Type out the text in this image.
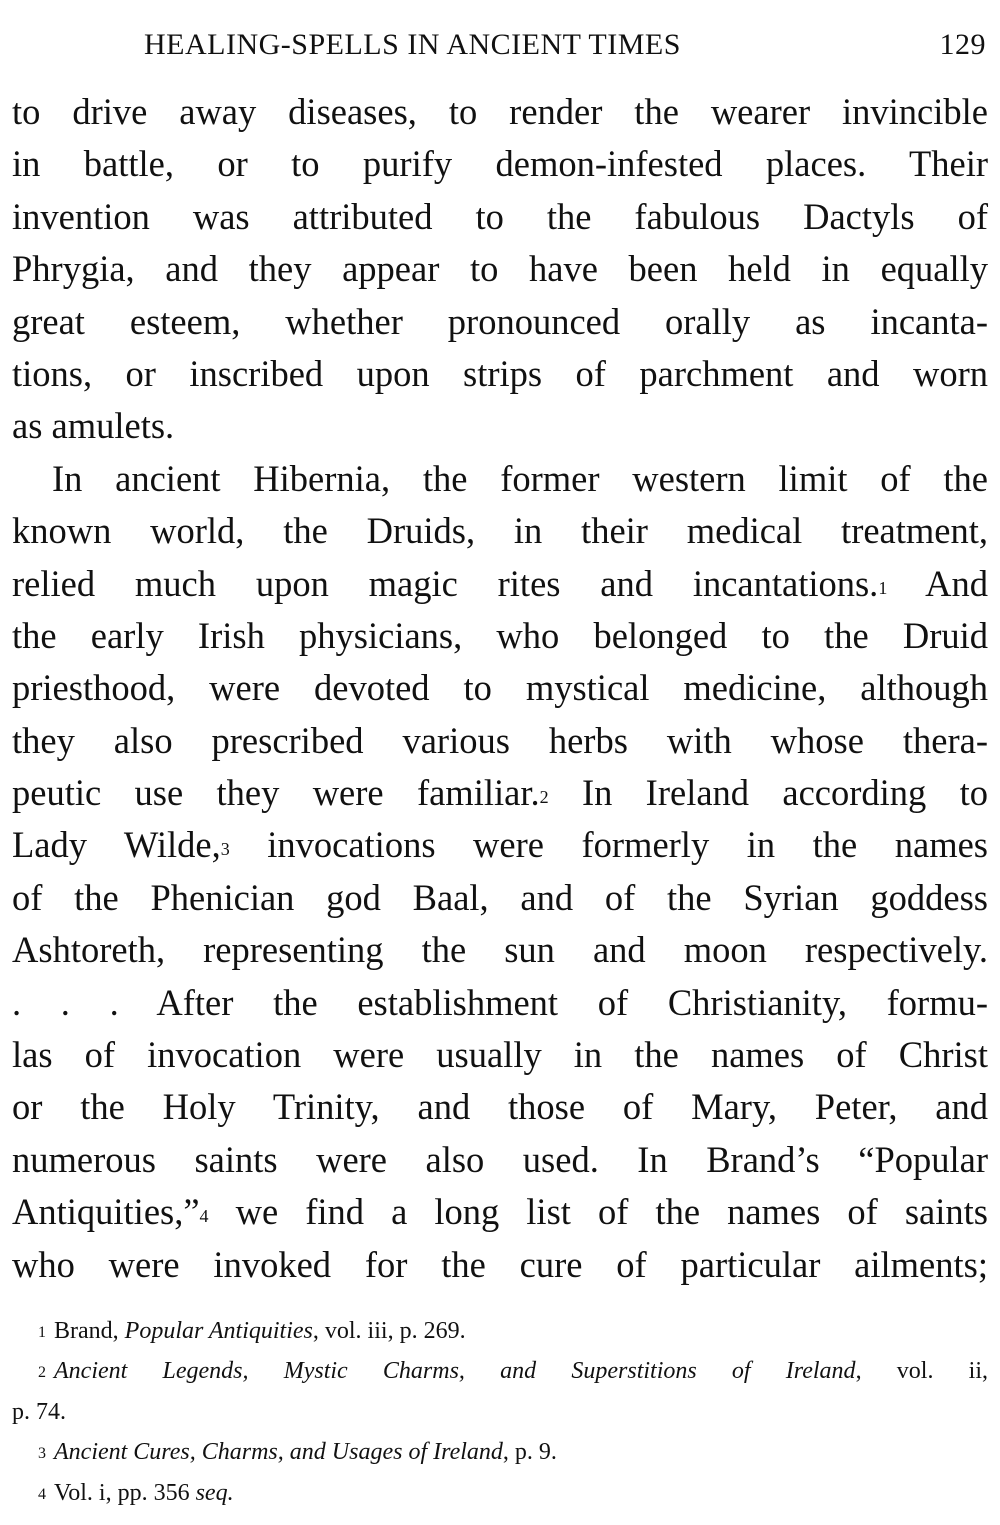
HEALING-SPELLS IN ANCIENT TIMES	129
to drive away diseases, to render the wearer invincible
in battle, or to purify demon-infested places. Their
invention was attributed to the fabulous Dactyls of
Phrygia, and they appear to have been held in equally
great esteem, whether pronounced orally as incanta-
tions, or inscribed upon strips of parchment and worn
as amulets.
In ancient Hibernia, the former western limit of the
known world, the Druids, in their medical treatment,
relied much upon magic rites and incantations.$^1$ And
the early Irish physicians, who belonged to the Druid
priesthood, were devoted to mystical medicine, although
they also prescribed various herbs with whose thera-
peutic use they were familiar.$^2$ In Ireland according to
Lady Wilde,$^3$ invocations were formerly in the names
of the Phenician god Baal, and of the Syrian goddess
Ashtoreth, representing the sun and moon respectively.
. . . After the establishment of Christianity, formu-
las of invocation were usually in the names of Christ
or the Holy Trinity, and those of Mary, Peter, and
numerous saints were also used. In Brand’s “Popular
Antiquities,”$^4$ we find a long list of the names of saints
who were invoked for the cure of particular ailments;
$^1$ Brand, Popular Antiquities, vol. iii, p. 269.
$^2$ Ancient Legends, Mystic Charms, and Superstitions of Ireland, vol. ii,
p. 74.
$^3$ Ancient Cures, Charms, and Usages of Ireland, p. 9.
$^4$ Vol. i, pp. 356 seq.
